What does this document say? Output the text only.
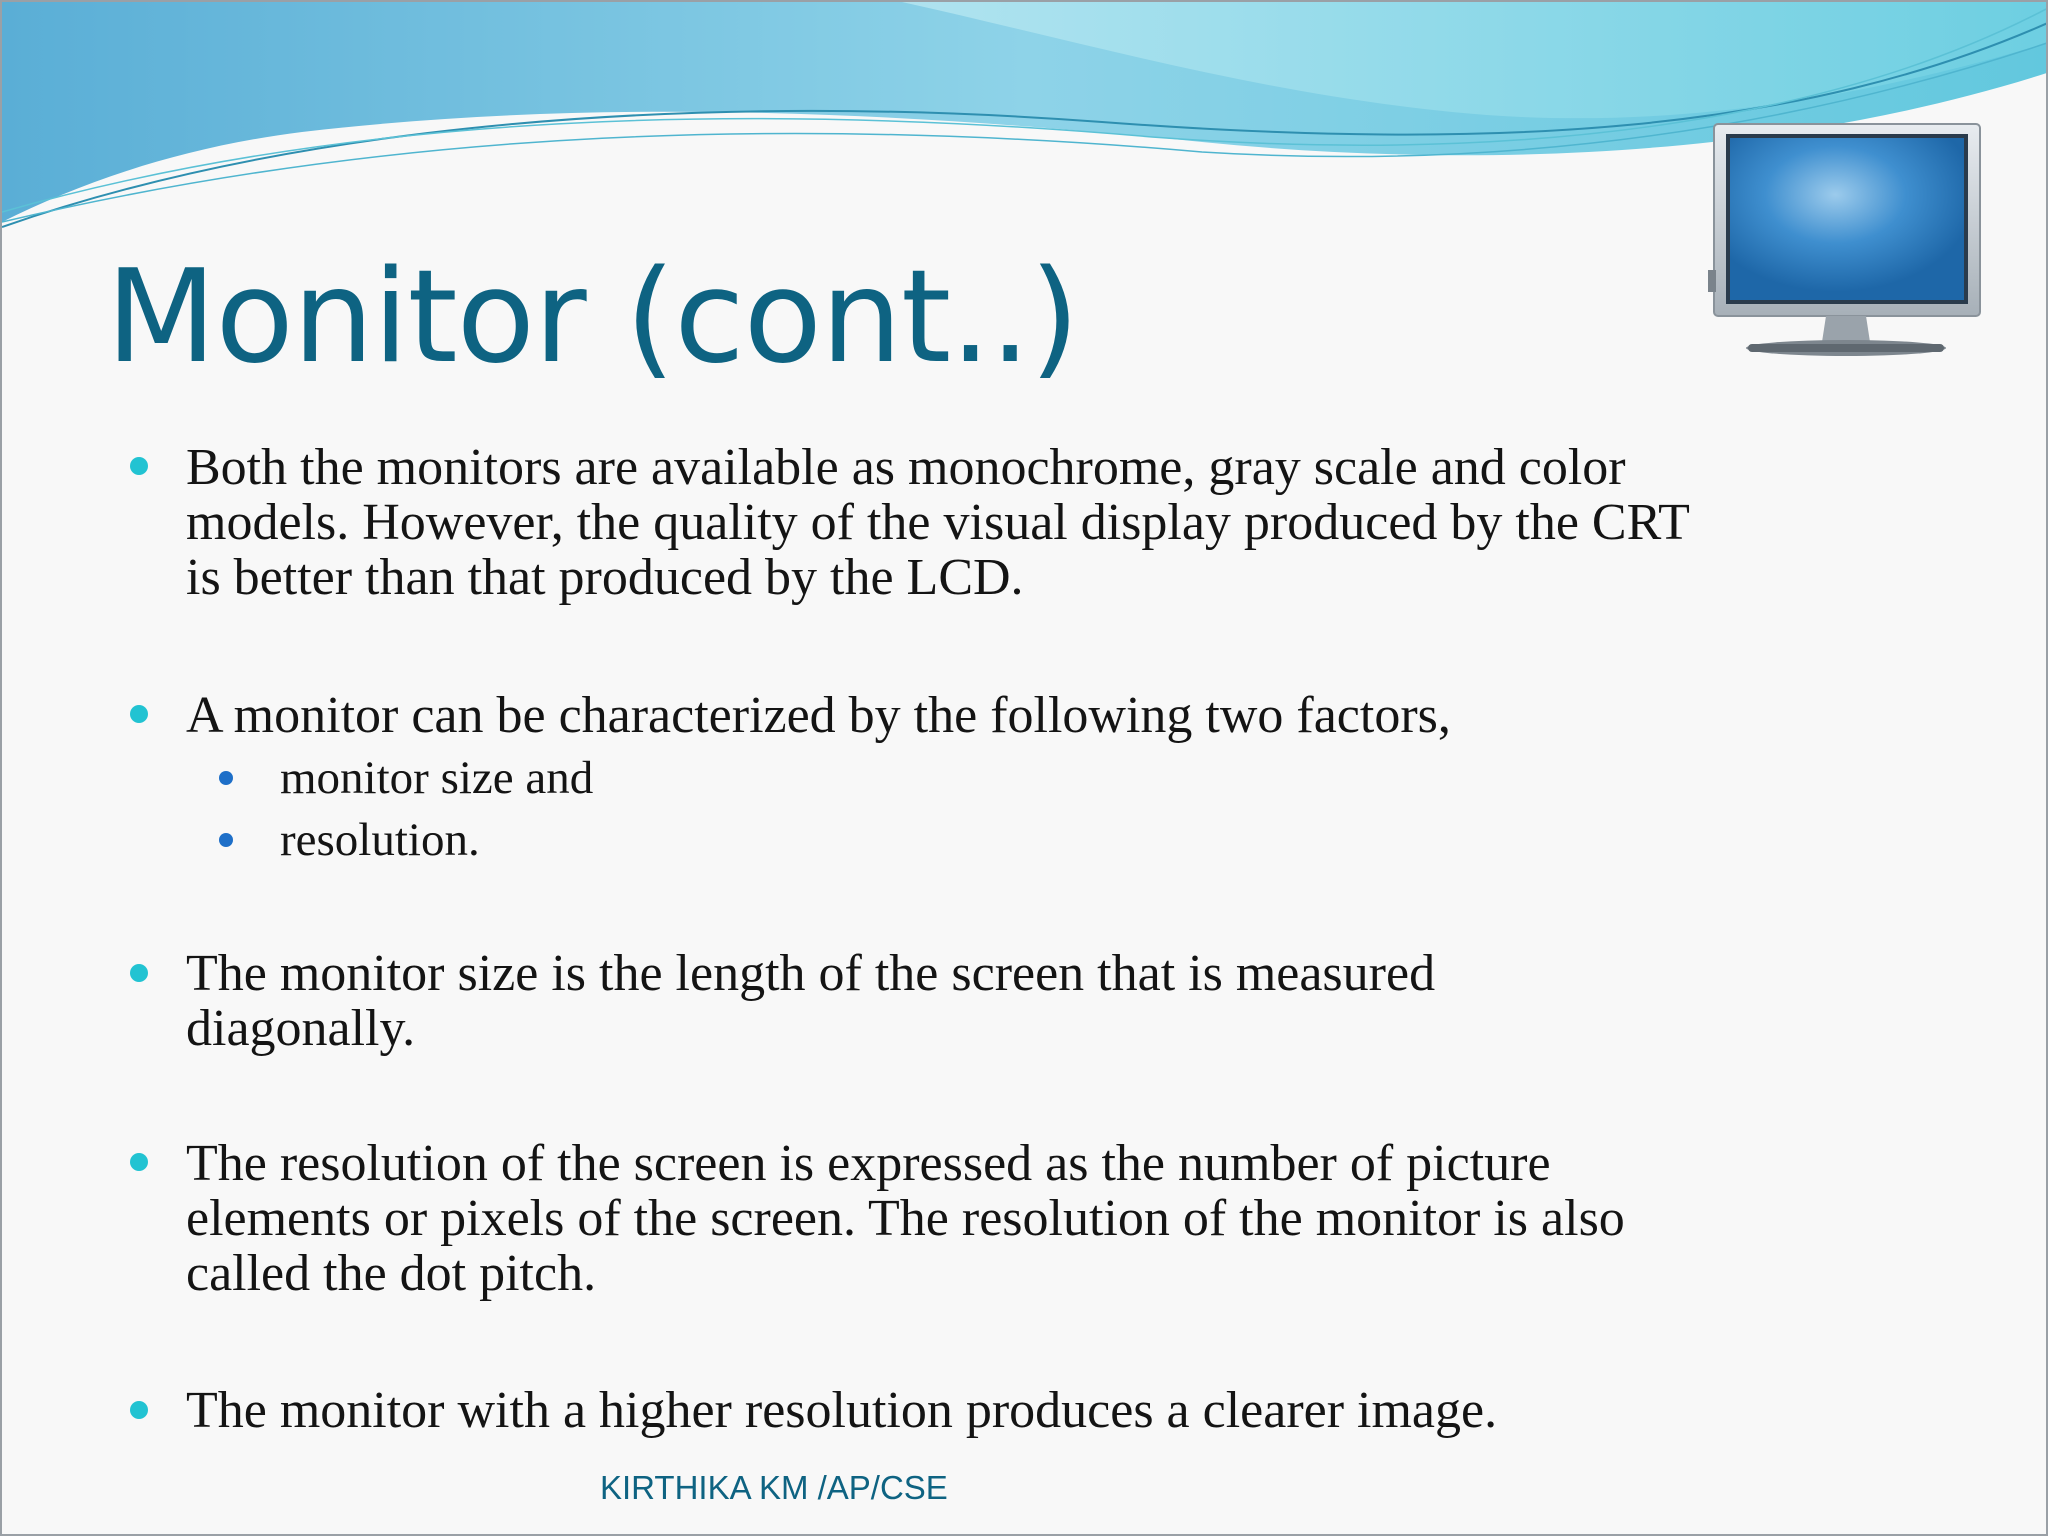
Monitor (cont..)
Both the monitors are available as monochrome, gray scale and color
models. However, the quality of the visual display produced by the CRT
is better than that produced by the LCD.
A monitor can be characterized by the following two factors,
monitor size and
resolution.
The monitor size is the length of the screen that is measured
diagonally.
The resolution of the screen is expressed as the number of picture
elements or pixels of the screen. The resolution of the monitor is also
called the dot pitch.
The monitor with a higher resolution produces a clearer image.
KIRTHIKA KM /AP/CSE
